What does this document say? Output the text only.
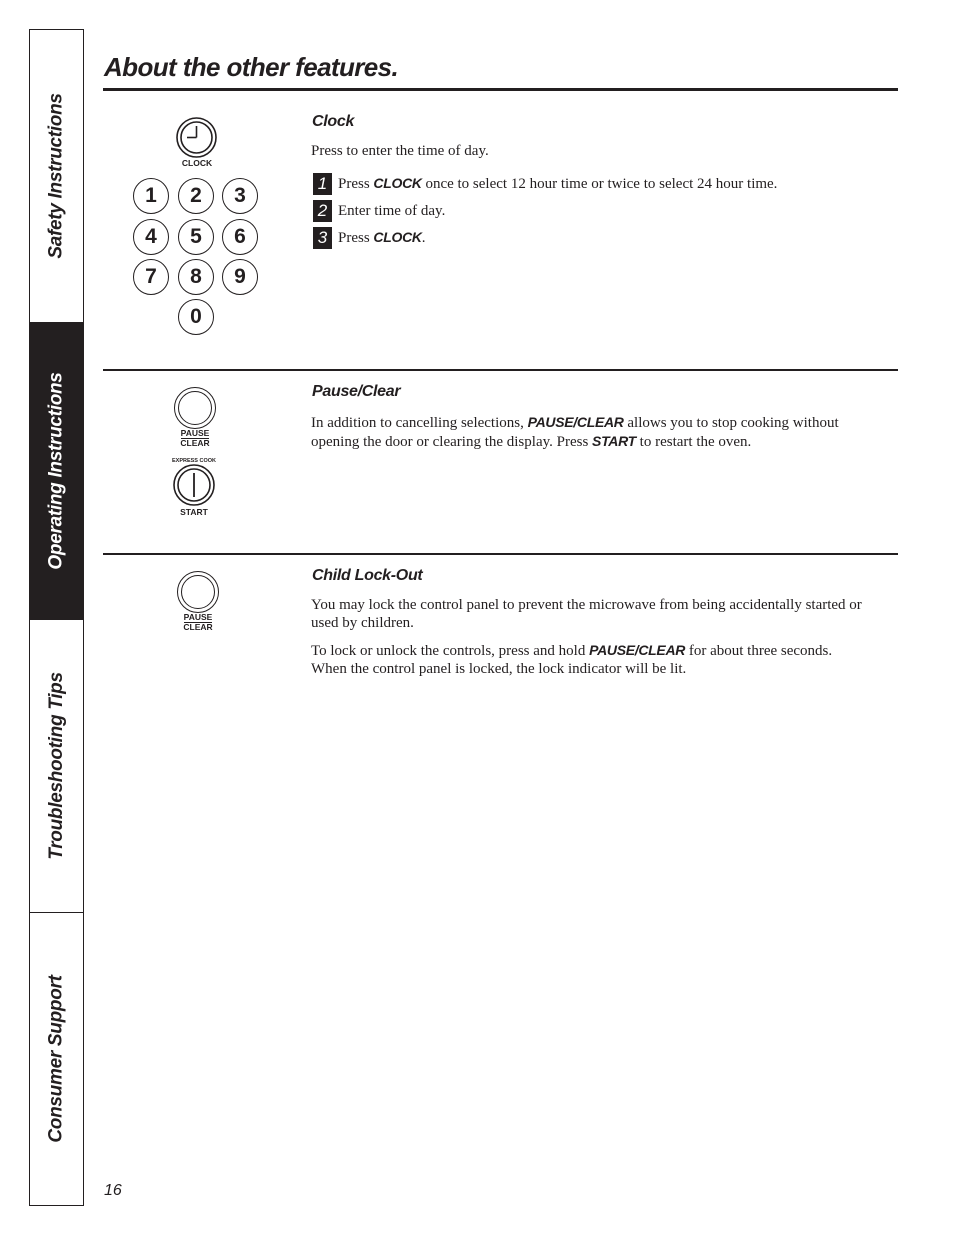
Safety Instructions
Operating Instructions
Troubleshooting Tips
Consumer Support
About the other features.
CLOCK
1	2	3
4	5	6
7	8	9
0
Clock

Press to enter the time of day.

1 Press CLOCK once to select 12 hour time or twice to select 24 hour time.
2 Enter time of day.
3 Press CLOCK.
PAUSE
CLEAR
EXPRESS COOK
START
Pause/Clear

In addition to cancelling selections, PAUSE/CLEAR allows you to stop cooking without opening the door or clearing the display. Press START to restart the oven.

PAUSE
CLEAR
Child Lock-Out

You may lock the control panel to prevent the microwave from being accidentally started or used by children.

To lock or unlock the controls, press and hold PAUSE/CLEAR for about three seconds. When the control panel is locked, the lock indicator will be lit.

16
